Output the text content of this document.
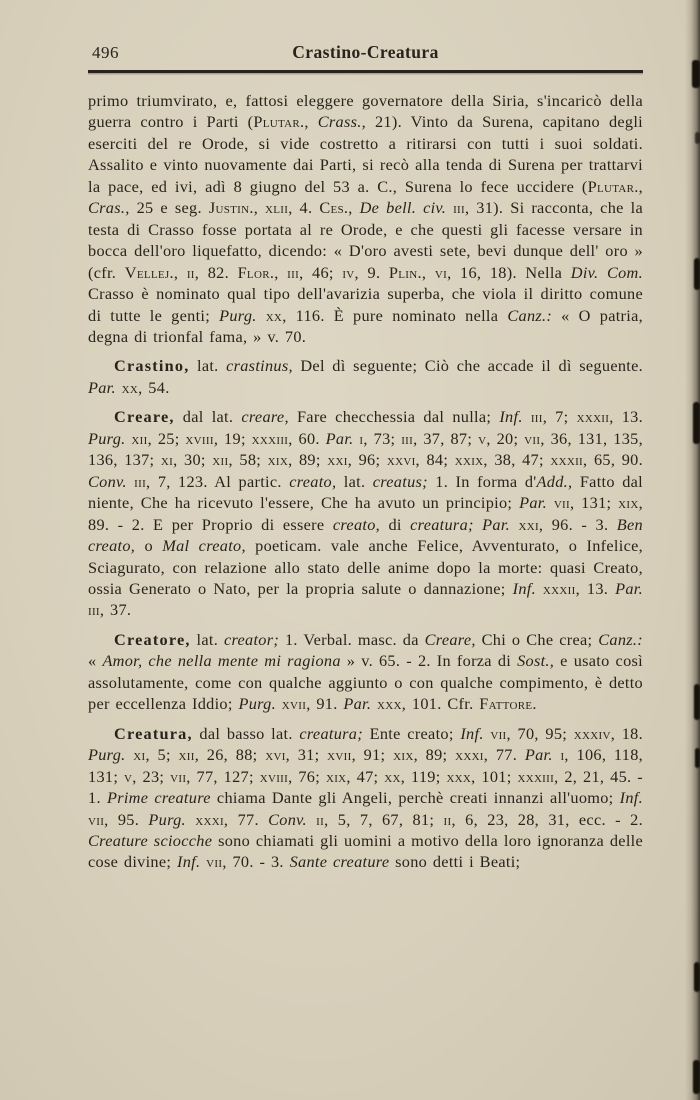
496	Crastino-Creatura

primo triumvirato, e, fattosi eleggere governatore della Siria, s'incaricò della guerra contro i Parti (Plutar., Crass., 21). Vinto da Surena, capitano degli eserciti del re Orode, si vide costretto a ritirarsi con tutti i suoi soldati. Assalito e vinto nuovamente dai Parti, si recò alla tenda di Surena per trattarvi la pace, ed ivi, adì 8 giugno del 53 a. C., Surena lo fece uccidere (Plutar., Cras., 25 e seg. Justin., xlii, 4. Ces., De bell. civ. iii, 31). Si racconta, che la testa di Crasso fosse portata al re Orode, e che questi gli facesse versare in bocca dell'oro liquefatto, dicendo: « D'oro avesti sete, bevi dunque dell' oro » (cfr. Vellej., ii, 82. Flor., iii, 46; iv, 9. Plin., vi, 16, 18). Nella Div. Com. Crasso è nominato qual tipo dell'avarizia superba, che viola il diritto comune di tutte le genti; Purg. xx, 116. È pure nominato nella Canz.: « O patria, degna di trionfal fama, » v. 70.

Crastino, lat. crastinus, Del dì seguente; Ciò che accade il dì seguente. Par. xx, 54.

Creare, dal lat. creare, Fare checchessia dal nulla; Inf. iii, 7; xxxii, 13. Purg. xii, 25; xviii, 19; xxxiii, 60. Par. i, 73; iii, 37, 87; v, 20; vii, 36, 131, 135, 136, 137; xi, 30; xii, 58; xix, 89; xxi, 96; xxvi, 84; xxix, 38, 47; xxxii, 65, 90. Conv. iii, 7, 123. Al partic. creato, lat. creatus; 1. In forma d'Add., Fatto dal niente, Che ha ricevuto l'essere, Che ha avuto un principio; Par. vii, 131; xix, 89. - 2. E per Proprio di essere creato, di creatura; Par. xxi, 96. - 3. Ben creato, o Mal creato, poeticam. vale anche Felice, Avventurato, o Infelice, Sciagurato, con relazione allo stato delle anime dopo la morte: quasi Creato, ossia Generato o Nato, per la propria salute o dannazione; Inf. xxxii, 13. Par. iii, 37.

Creatore, lat. creator; 1. Verbal. masc. da Creare, Chi o Che crea; Canz.: « Amor, che nella mente mi ragiona » v. 65. - 2. In forza di Sost., e usato così assolutamente, come con qualche aggiunto o con qualche compimento, è detto per eccellenza Iddio; Purg. xvii, 91. Par. xxx, 101. Cfr. Fattore.

Creatura, dal basso lat. creatura; Ente creato; Inf. vii, 70, 95; xxxiv, 18. Purg. xi, 5; xii, 26, 88; xvi, 31; xvii, 91; xix, 89; xxxi, 77. Par. i, 106, 118, 131; v, 23; vii, 77, 127; xviii, 76; xix, 47; xx, 119; xxx, 101; xxxiii, 2, 21, 45. - 1. Prime creature chiama Dante gli Angeli, perchè creati innanzi all'uomo; Inf. vii, 95. Purg. xxxi, 77. Conv. ii, 5, 7, 67, 81; ii, 6, 23, 28, 31, ecc. - 2. Creature sciocche sono chiamati gli uomini a motivo della loro ignoranza delle cose divine; Inf. vii, 70. - 3. Sante creature sono detti i Beati;
